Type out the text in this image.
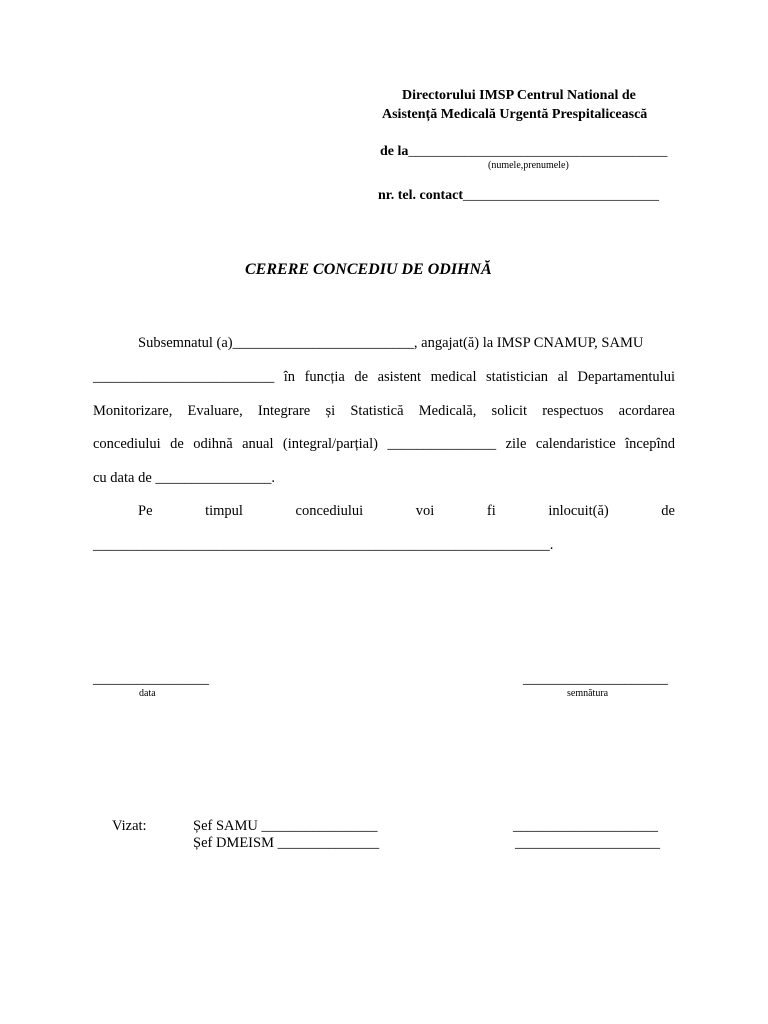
Directorului IMSP Centrul National de
Asistență Medicală Urgentă Prespitalicească
de la_____________________________________
(numele,prenumele)
nr. tel. contact____________________________
CERERE CONCEDIU DE ODIHNĂ
Subsemnatul (a)_________________________, angajat(ă) la IMSP CNAMUP, SAMU
_________________________ în funcția de asistent medical statistician al Departamentului
Monitorizare, Evaluare, Integrare și Statistică Medicală, solicit respectuos acordarea
concediului de odihnă anual (integral/parțial) _______________ zile calendaristice începînd
cu data de ________________.
Pe timpul concediului voi fi inlocuit(ă) de
_______________________________________________________________.
________________
data
____________________
semnătura
Vizat:	Șef SAMU ________________	____________________
Șef DMEISM ______________	____________________
